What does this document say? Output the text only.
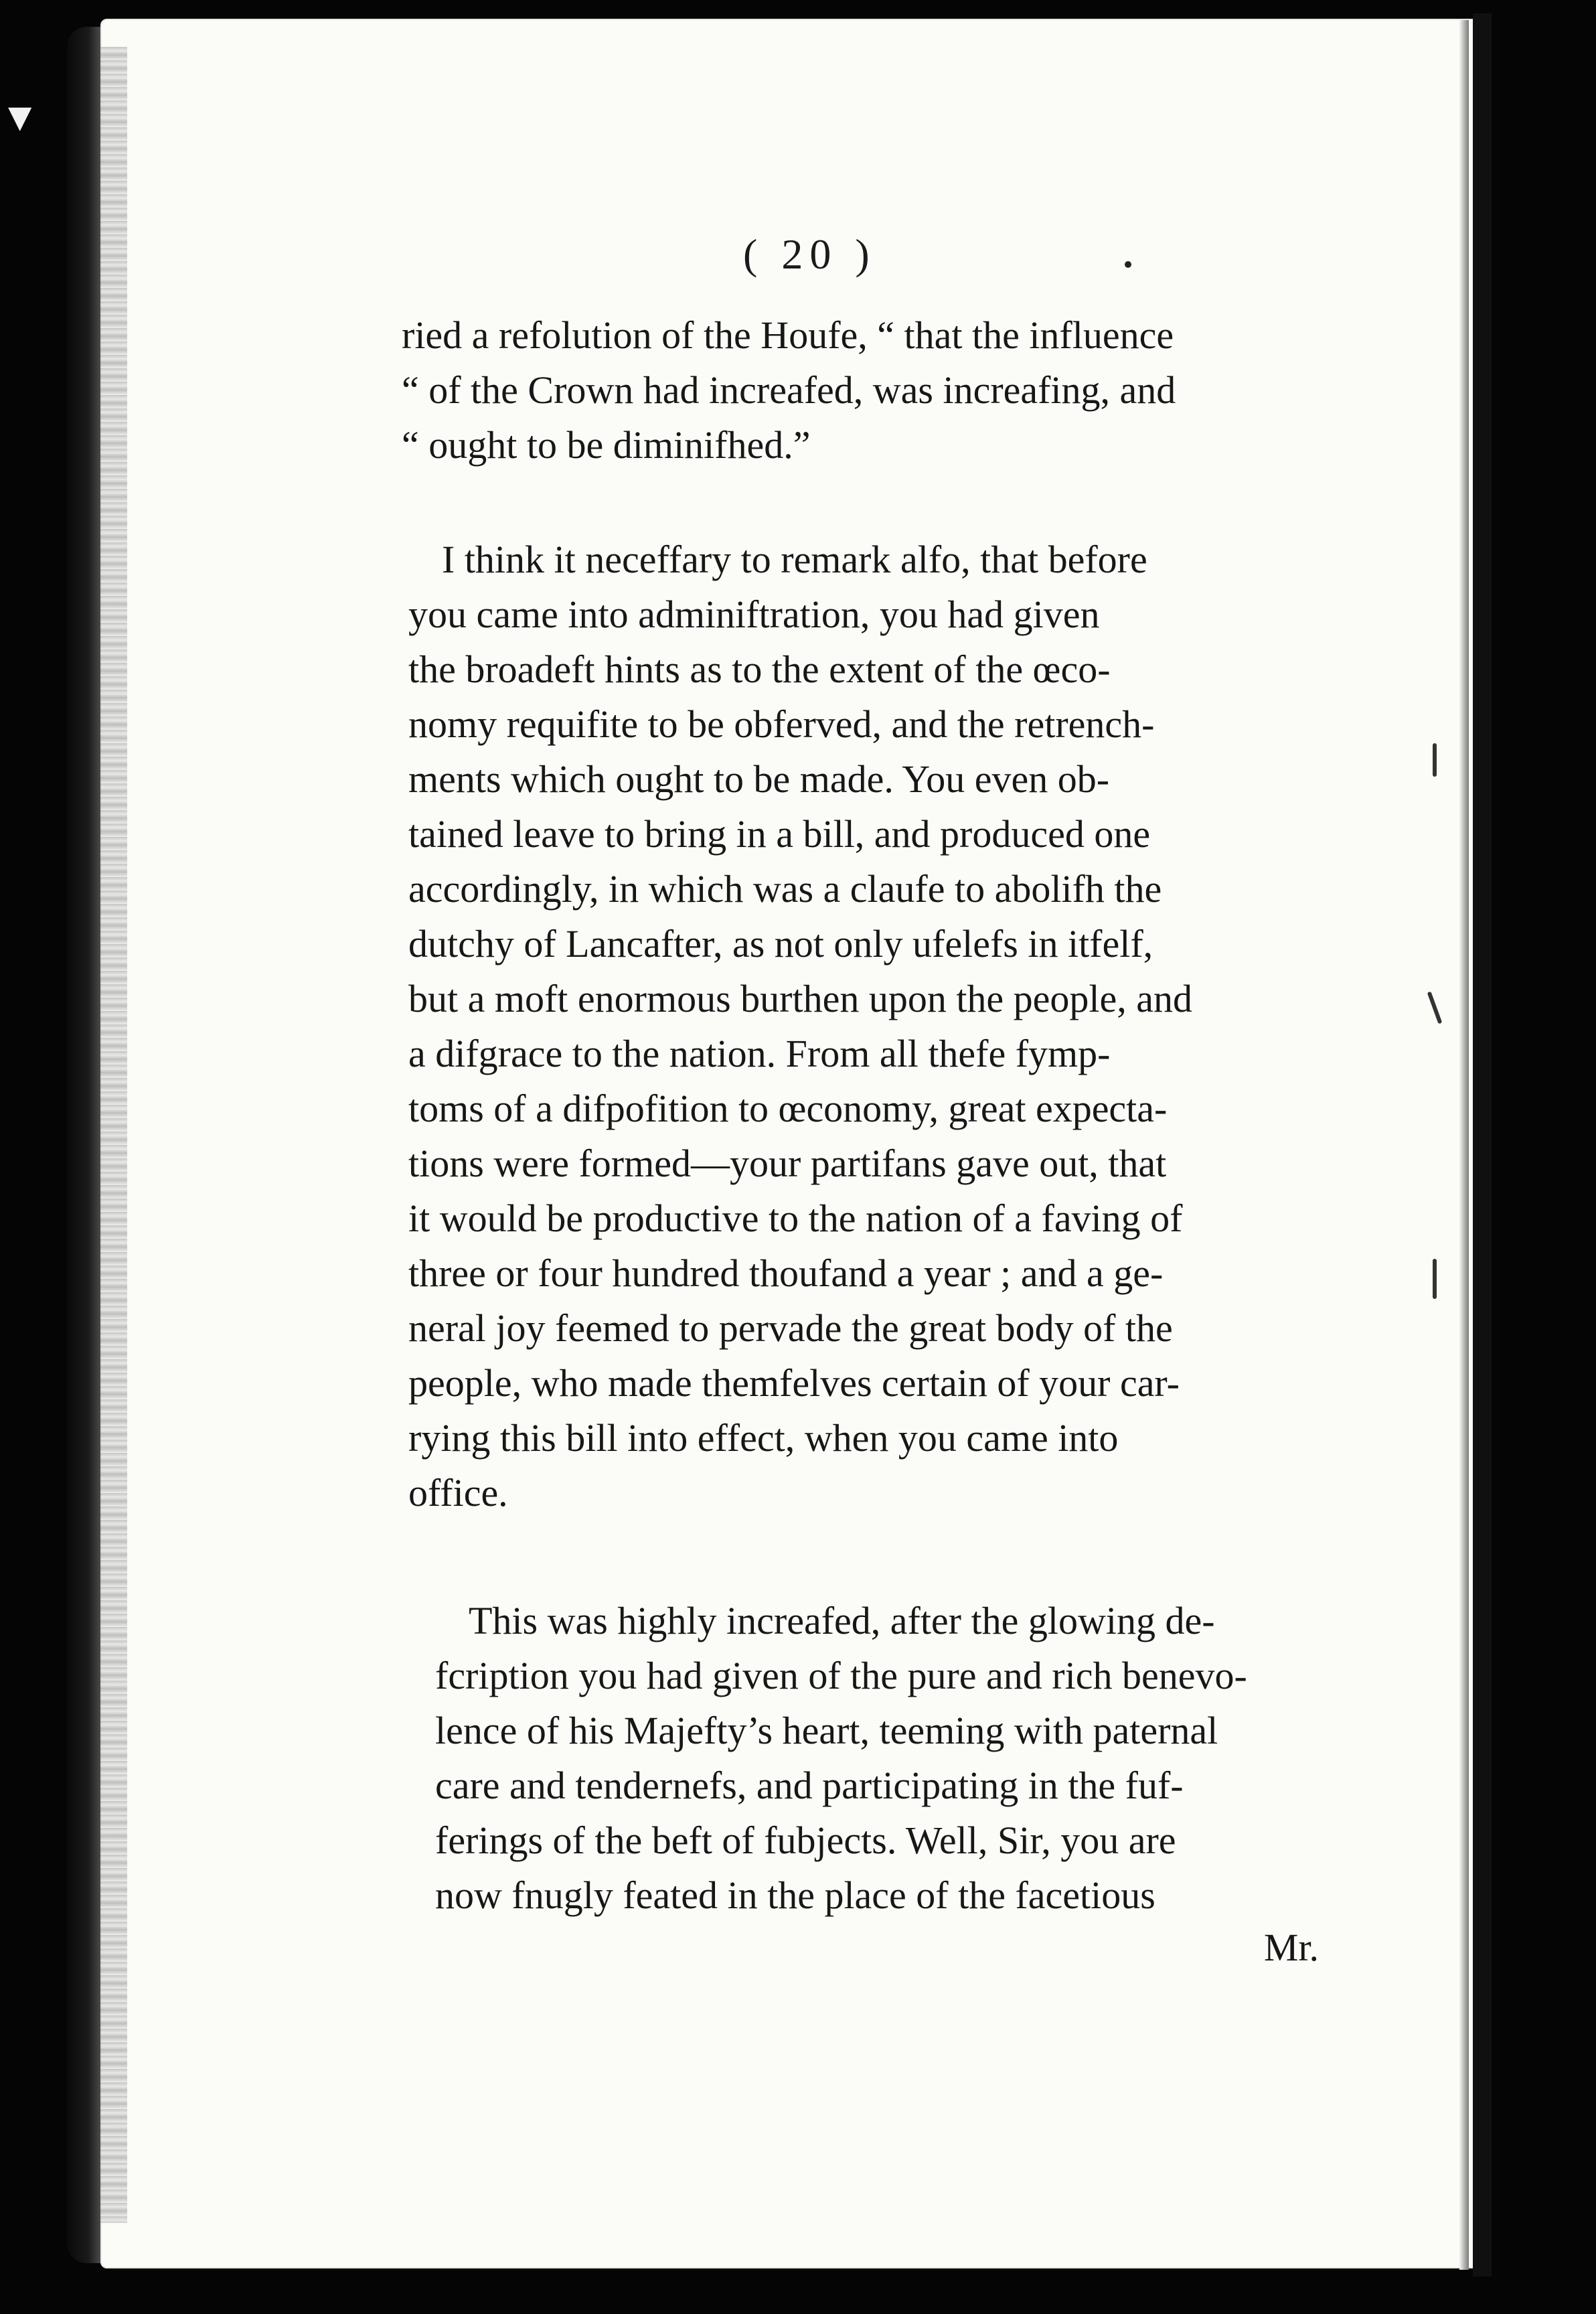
▼
( 20 )
ried a refolution of the Houfe, “ that the influence
“ of the Crown had increafed, was increafing, and
“ ought to be diminifhed.”
I think it neceffary to remark alfo, that before
you came into adminiftration, you had given
the broadeft hints as to the extent of the œco-
nomy requifite to be obferved, and the retrench-
ments which ought to be made. You even ob-
tained leave to bring in a bill, and produced one
accordingly, in which was a claufe to abolifh the
dutchy of Lancafter, as not only ufelefs in itfelf,
but a moft enormous burthen upon the people, and
a difgrace to the nation. From all thefe fymp-
toms of a difpofition to œconomy, great expecta-
tions were formed—your partifans gave out, that
it would be productive to the nation of a faving of
three or four hundred thoufand a year ; and a ge-
neral joy feemed to pervade the great body of the
people, who made themfelves certain of your car-
rying this bill into effect, when you came into
office.
This was highly increafed, after the glowing de-
fcription you had given of the pure and rich benevo-
lence of his Majefty’s heart, teeming with paternal
care and tendernefs, and participating in the fuf-
ferings of the beft of fubjects. Well, Sir, you are
now fnugly feated in the place of the facetious
Mr.
